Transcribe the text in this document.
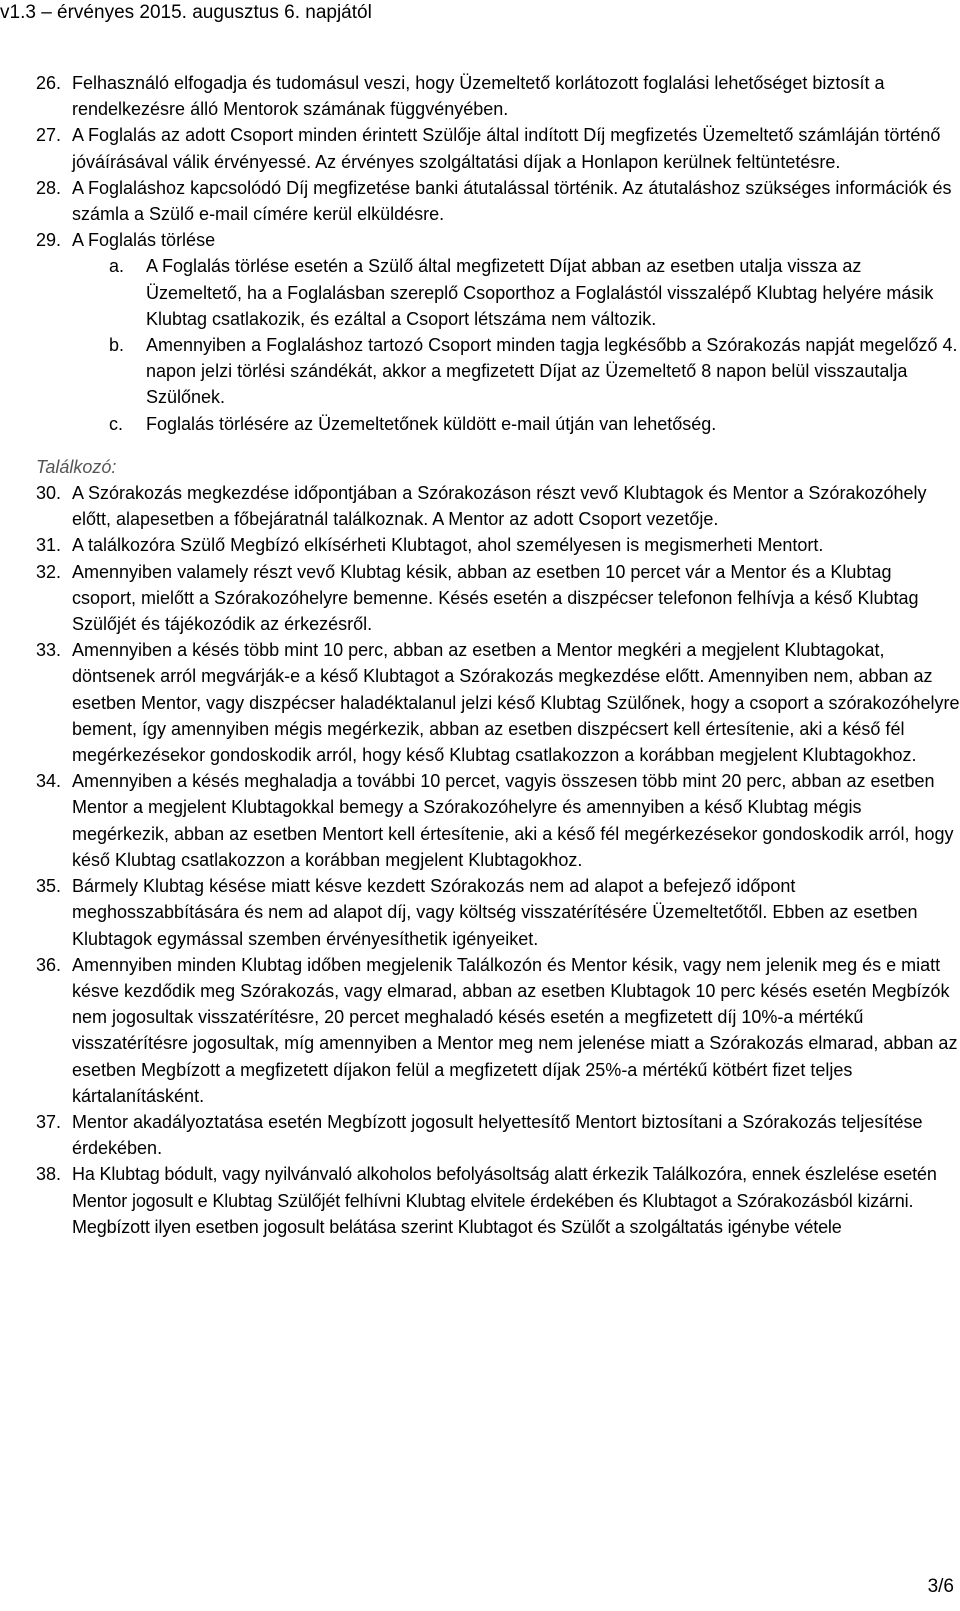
v1.3 – érvényes 2015. augusztus 6. napjától
26. Felhasználó elfogadja és tudomásul veszi, hogy Üzemeltető korlátozott foglalási lehetőséget biztosít a rendelkezésre álló Mentorok számának függvényében.
27. A Foglalás az adott Csoport minden érintett Szülője által indított Díj megfizetés Üzemeltető számláján történő jóváírásával válik érvényessé. Az érvényes szolgáltatási díjak a Honlapon kerülnek feltüntetésre.
28. A Foglaláshoz kapcsolódó Díj megfizetése banki átutalással történik. Az átutaláshoz szükséges információk és számla a Szülő e-mail címére kerül elküldésre.
29. A Foglalás törlése
a. A Foglalás törlése esetén a Szülő által megfizetett Díjat abban az esetben utalja vissza az Üzemeltető, ha a Foglalásban szereplő Csoporthoz a Foglalástól visszalépő Klubtag helyére másik Klubtag csatlakozik, és ezáltal a Csoport létszáma nem változik.
b. Amennyiben a Foglaláshoz tartozó Csoport minden tagja legkésőbb a Szórakozás napját megelőző 4. napon jelzi törlési szándékát, akkor a megfizetett Díjat az Üzemeltető 8 napon belül visszautalja Szülőnek.
c. Foglalás törlésére az Üzemeltetőnek küldött e-mail útján van lehetőség.
Találkozó:
30. A Szórakozás megkezdése időpontjában a Szórakozáson részt vevő Klubtagok és Mentor a Szórakozóhely előtt, alapesetben a főbejáratnál találkoznak. A Mentor az adott Csoport vezetője.
31. A találkozóra Szülő Megbízó elkísérheti Klubtagot, ahol személyesen is megismerheti Mentort.
32. Amennyiben valamely részt vevő Klubtag késik, abban az esetben 10 percet vár a Mentor és a Klubtag csoport, mielőtt a Szórakozóhelyre bemenne. Késés esetén a diszpécser telefonon felhívja a késő Klubtag Szülőjét és tájékozódik az érkezésről.
33. Amennyiben a késés több mint 10 perc, abban az esetben a Mentor megkéri a megjelent Klubtagokat, döntsenek arról megvárják-e a késő Klubtagot a Szórakozás megkezdése előtt. Amennyiben nem, abban az esetben Mentor, vagy diszpécser haladéktalanul jelzi késő Klubtag Szülőnek, hogy a csoport a szórakozóhelyre bement, így amennyiben mégis megérkezik, abban az esetben diszpécsert kell értesítenie, aki a késő fél megérkezésekor gondoskodik arról, hogy késő Klubtag csatlakozzon a korábban megjelent Klubtagokhoz.
34. Amennyiben a késés meghaladja a további 10 percet, vagyis összesen több mint 20 perc, abban az esetben Mentor a megjelent Klubtagokkal bemegy a Szórakozóhelyre és amennyiben a késő Klubtag mégis megérkezik, abban az esetben Mentort kell értesítenie, aki a késő fél megérkezésekor gondoskodik arról, hogy késő Klubtag csatlakozzon a korábban megjelent Klubtagokhoz.
35. Bármely Klubtag késése miatt késve kezdett Szórakozás nem ad alapot a befejező időpont meghosszabbítására és nem ad alapot díj, vagy költség visszatérítésére Üzemeltetőtől. Ebben az esetben Klubtagok egymással szemben érvényesíthetik igényeiket.
36. Amennyiben minden Klubtag időben megjelenik Találkozón és Mentor késik, vagy nem jelenik meg és e miatt késve kezdődik meg Szórakozás, vagy elmarad, abban az esetben Klubtagok 10 perc késés esetén Megbízók nem jogosultak visszatérítésre, 20 percet meghaladó késés esetén a megfizetett díj 10%-a mértékű visszatérítésre jogosultak, míg amennyiben a Mentor meg nem jelenése miatt a Szórakozás elmarad, abban az esetben Megbízott a megfizetett díjakon felül a megfizetett díjak 25%-a mértékű kötbért fizet teljes kártalanításként.
37. Mentor akadályoztatása esetén Megbízott jogosult helyettesítő Mentort biztosítani a Szórakozás teljesítése érdekében.
38. Ha Klubtag bódult, vagy nyilvánvaló alkoholos befolyásoltság alatt érkezik Találkozóra, ennek észlelése esetén Mentor jogosult e Klubtag Szülőjét felhívni Klubtag elvitele érdekében és Klubtagot a Szórakozásból kizárni. Megbízott ilyen esetben jogosult belátása szerint Klubtagot és Szülőt a szolgáltatás igénybe vétele
3/6
